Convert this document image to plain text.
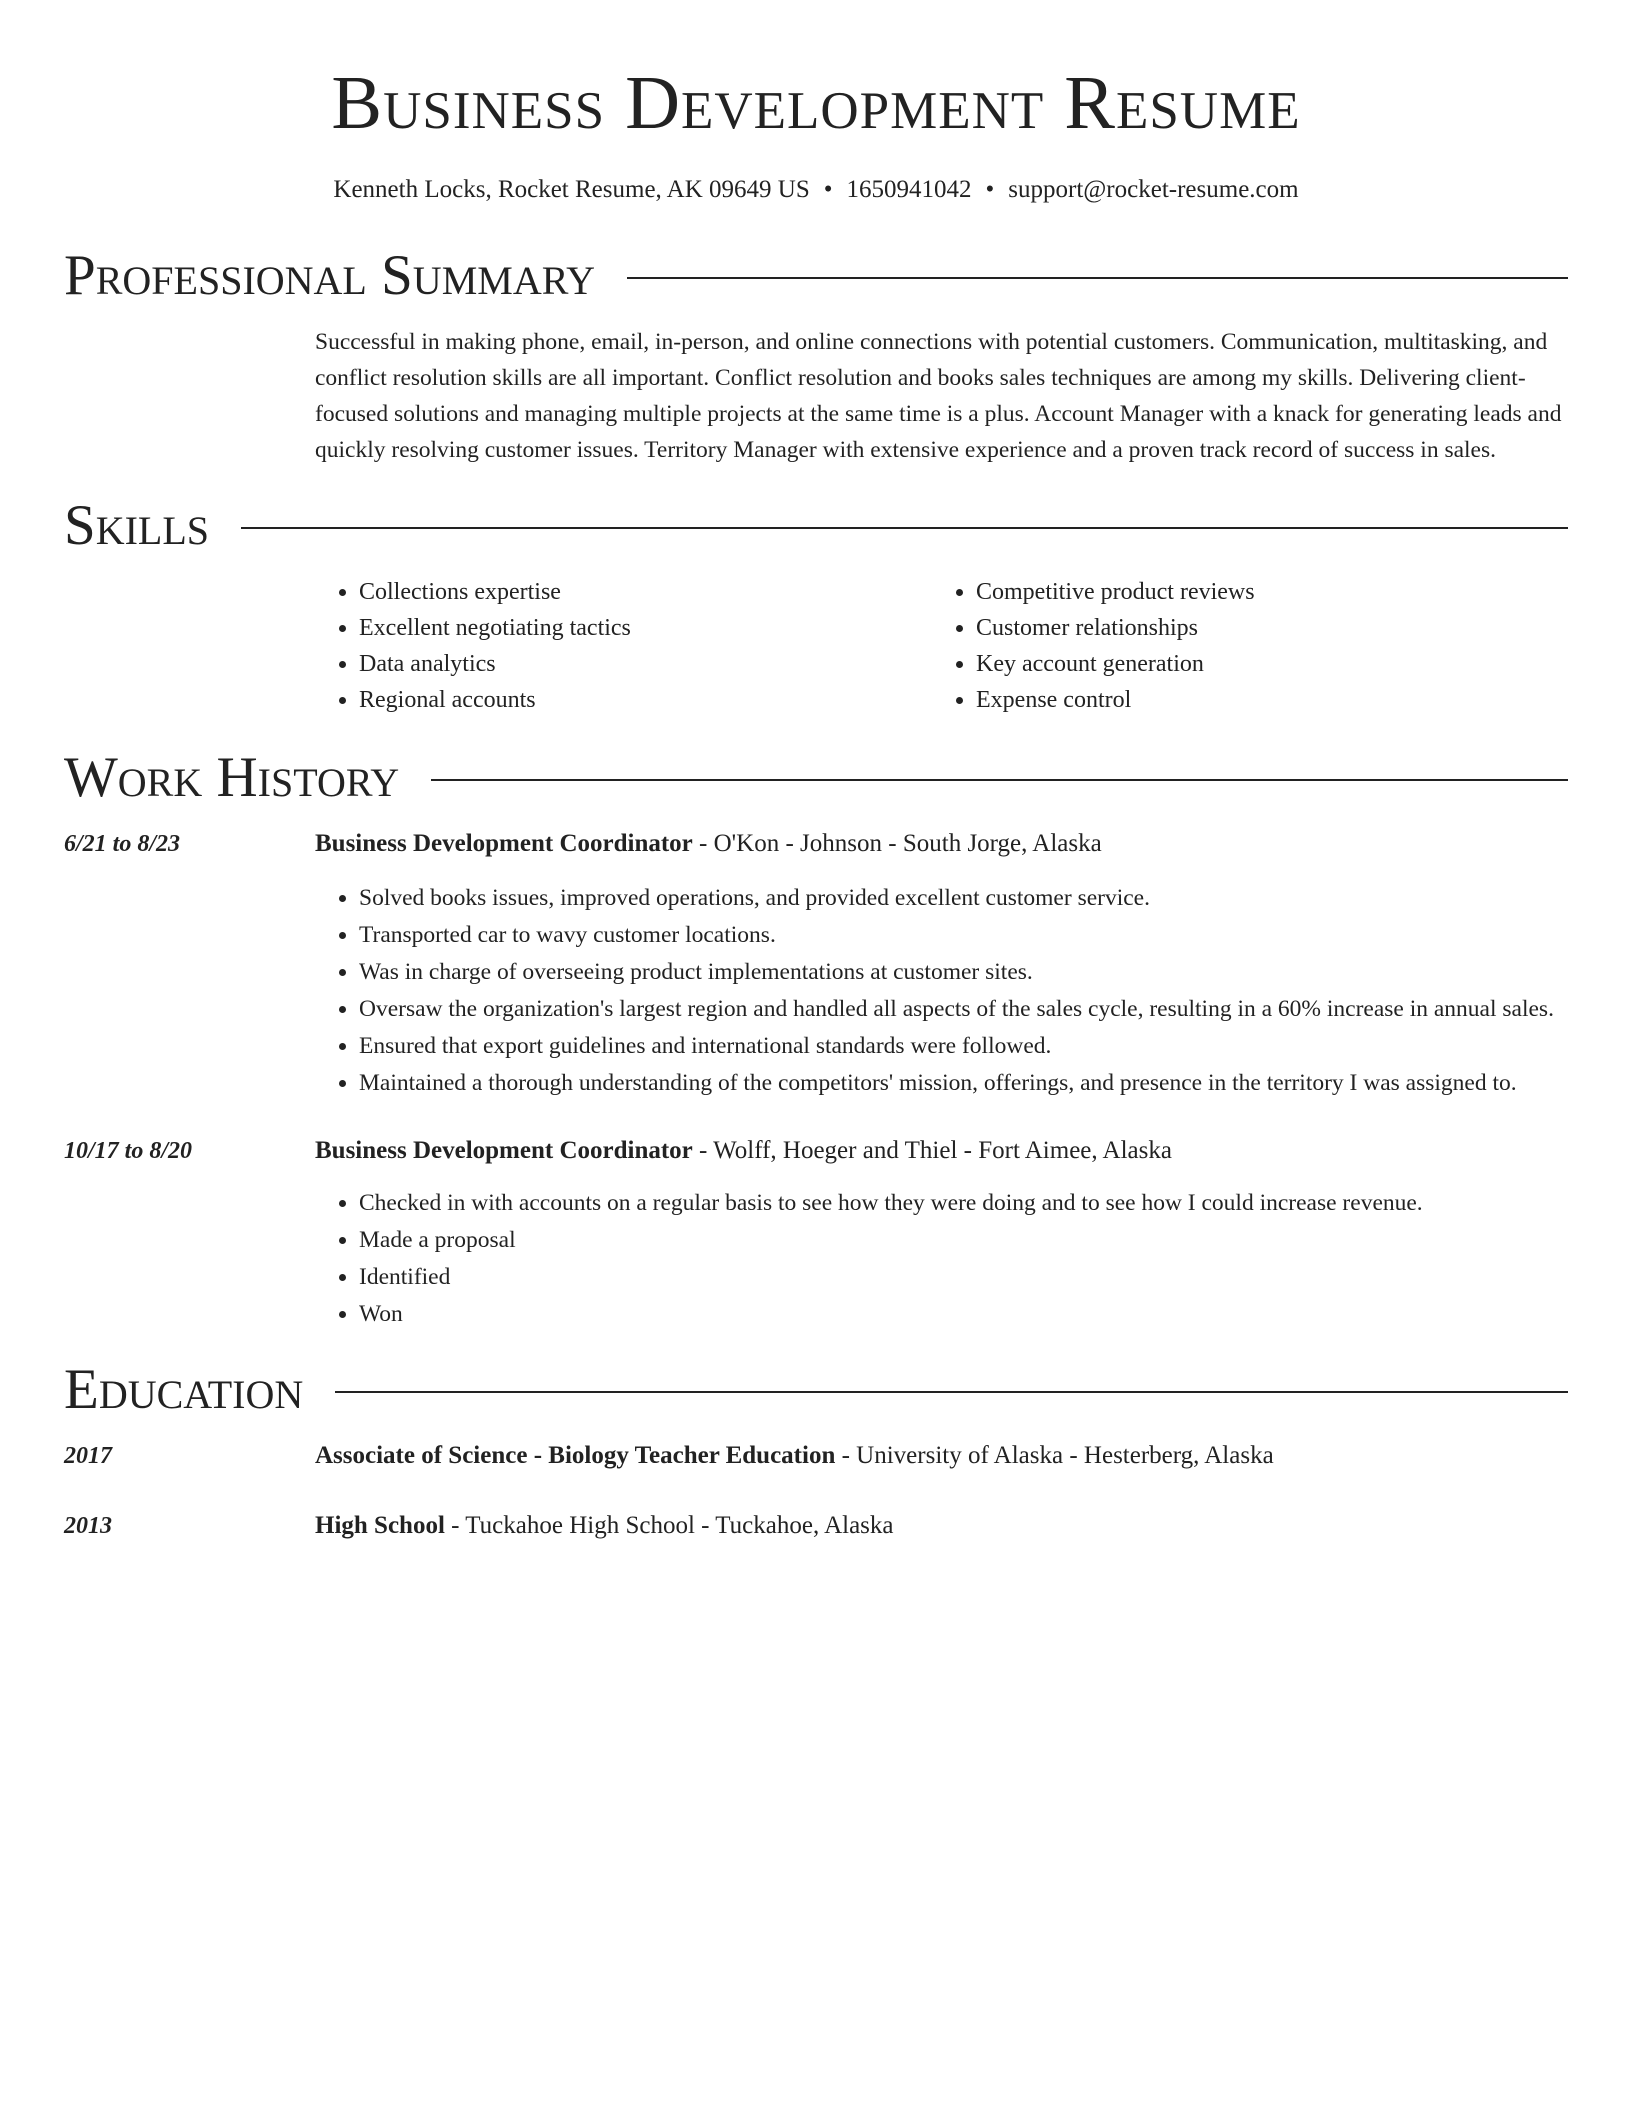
Business Development Resume
Kenneth Locks, Rocket Resume, AK 09649 US • 1650941042 • support@rocket-resume.com
Professional Summary

Successful in making phone, email, in-person, and online connections with potential customers. Communication, multitasking, and conflict resolution skills are all important. Conflict resolution and books sales techniques are among my skills. Delivering client-focused solutions and managing multiple projects at the same time is a plus. Account Manager with a knack for generating leads and quickly resolving customer issues. Territory Manager with extensive experience and a proven track record of success in sales.

Skills
• Collections expertise
• Excellent negotiating tactics
• Data analytics
• Regional accounts
• Competitive product reviews
• Customer relationships
• Key account generation
• Expense control
Work History
6/21 to 8/23	Business Development Coordinator - O'Kon - Johnson - South Jorge, Alaska
• Solved books issues, improved operations, and provided excellent customer service.
• Transported car to wavy customer locations.
• Was in charge of overseeing product implementations at customer sites.
• Oversaw the organization's largest region and handled all aspects of the sales cycle, resulting in a 60% increase in annual sales.
• Ensured that export guidelines and international standards were followed.
• Maintained a thorough understanding of the competitors' mission, offerings, and presence in the territory I was assigned to.
10/17 to 8/20	Business Development Coordinator - Wolff, Hoeger and Thiel - Fort Aimee, Alaska
• Checked in with accounts on a regular basis to see how they were doing and to see how I could increase revenue.
• Made a proposal
• Identified
• Won
Education
2017	Associate of Science - Biology Teacher Education - University of Alaska - Hesterberg, Alaska
2013	High School - Tuckahoe High School - Tuckahoe, Alaska
